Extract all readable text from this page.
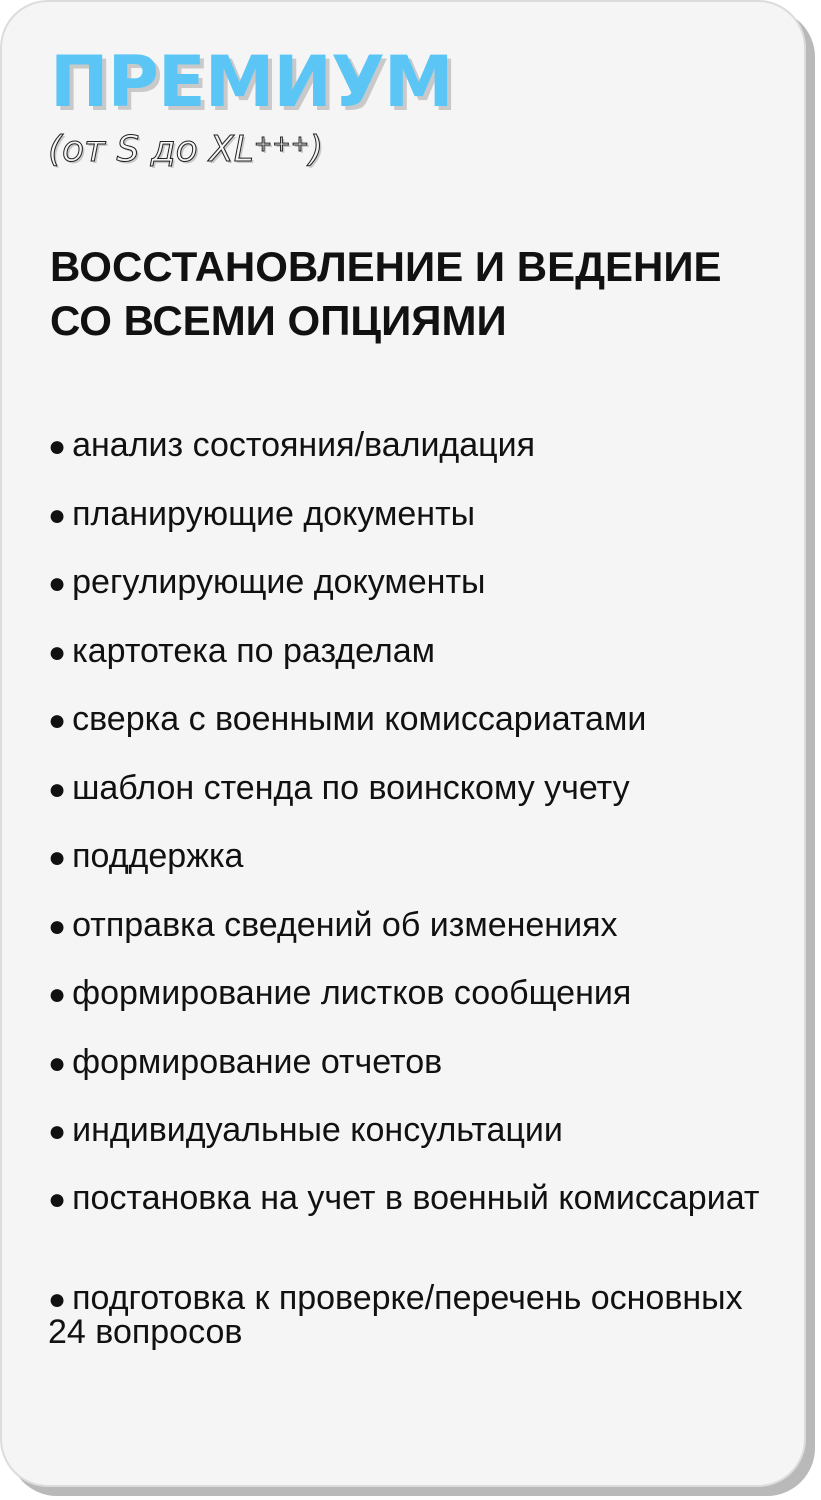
ПРЕМИУМ

(от S до XL+++)

ВОССТАНОВЛЕНИЕ И ВЕДЕНИЕ СО ВСЕМИ ОПЦИЯМИ
● анализ состояния/валидация
● планирующие документы
● регулирующие документы
● картотека по разделам
● сверка с военными комиссариатами
● шаблон стенда по воинскому учету
● поддержка
● отправка сведений об изменениях
● формирование листков сообщения
● формирование отчетов
● индивидуальные консультации
● постановка на учет в военный комиссариат
● подготовка к проверке/перечень основных 24 вопросов
